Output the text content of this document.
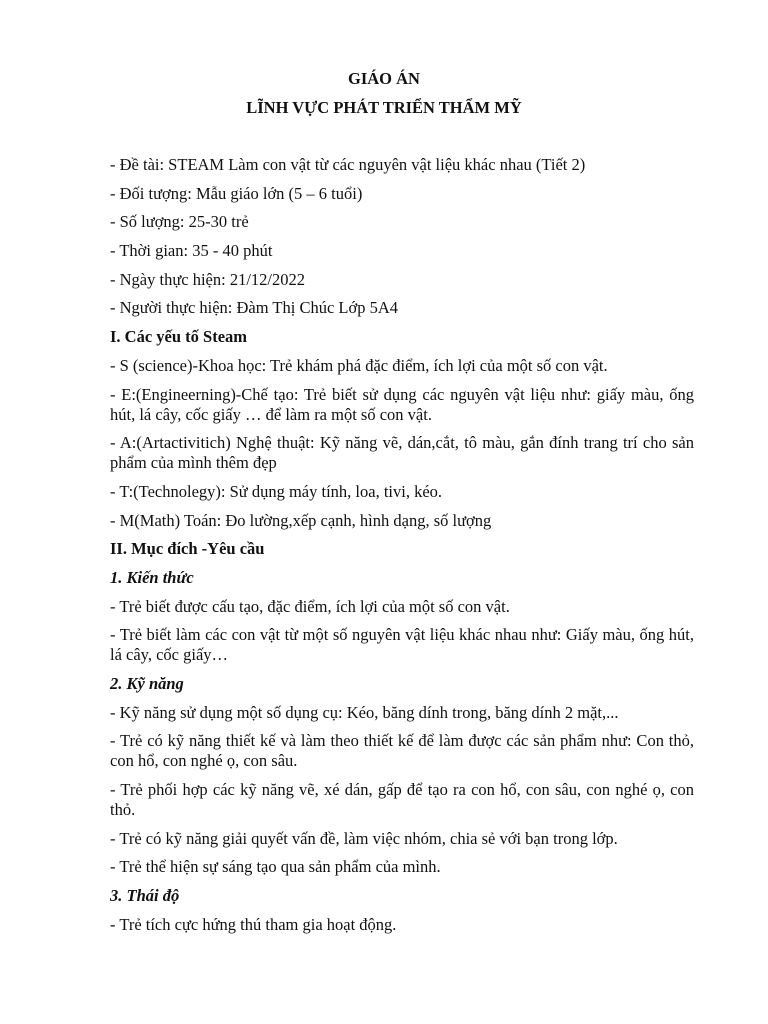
GIÁO ÁN
LĨNH VỰC PHÁT TRIỂN THẨM MỸ

- Đề tài: STEAM Làm con vật từ các nguyên vật liệu khác nhau (Tiết 2)

- Đối tượng: Mẫu giáo lớn (5 – 6 tuổi)

- Số lượng: 25-30 trẻ

- Thời gian: 35 - 40 phút

- Ngày thực hiện: 21/12/2022

- Người thực hiện: Đàm Thị Chúc Lớp 5A4

I. Các yếu tố Steam

- S (science)-Khoa học: Trẻ khám phá đặc điểm, ích lợi của một số con vật.

- E:(Engineerning)-Chế tạo: Trẻ biết sử dụng các nguyên vật liệu như: giấy màu, ống hút, lá cây, cốc giấy … để làm ra một số con vật.

- A:(Artactivitich) Nghệ thuật: Kỹ năng vẽ, dán,cắt, tô màu, gắn đính trang trí cho sản phẩm của mình thêm đẹp

- T:(Technolegy): Sử dụng máy tính, loa, tivi, kéo.

- M(Math) Toán: Đo lường,xếp cạnh, hình dạng, số lượng

II. Mục đích -Yêu cầu

1. Kiến thức

- Trẻ biết được cấu tạo, đặc điểm, ích lợi của một số con vật.

- Trẻ biết làm các con vật từ một số nguyên vật liệu khác nhau như: Giấy màu, ống hút, lá cây, cốc giấy…

2. Kỹ năng

- Kỹ năng sử dụng một số dụng cụ: Kéo, băng dính trong, băng dính 2 mặt,...

- Trẻ có kỹ năng thiết kế và làm theo thiết kế để làm được các sản phẩm như: Con thỏ, con hổ, con nghé ọ, con sâu.

- Trẻ phối hợp các kỹ năng vẽ, xé dán, gấp để tạo ra con hổ, con sâu, con nghé ọ, con thỏ.

- Trẻ có kỹ năng giải quyết vấn đề, làm việc nhóm, chia sẻ với bạn trong lớp.

- Trẻ thể hiện sự sáng tạo qua sản phẩm của mình.

3. Thái độ

- Trẻ tích cực hứng thú tham gia hoạt động.
